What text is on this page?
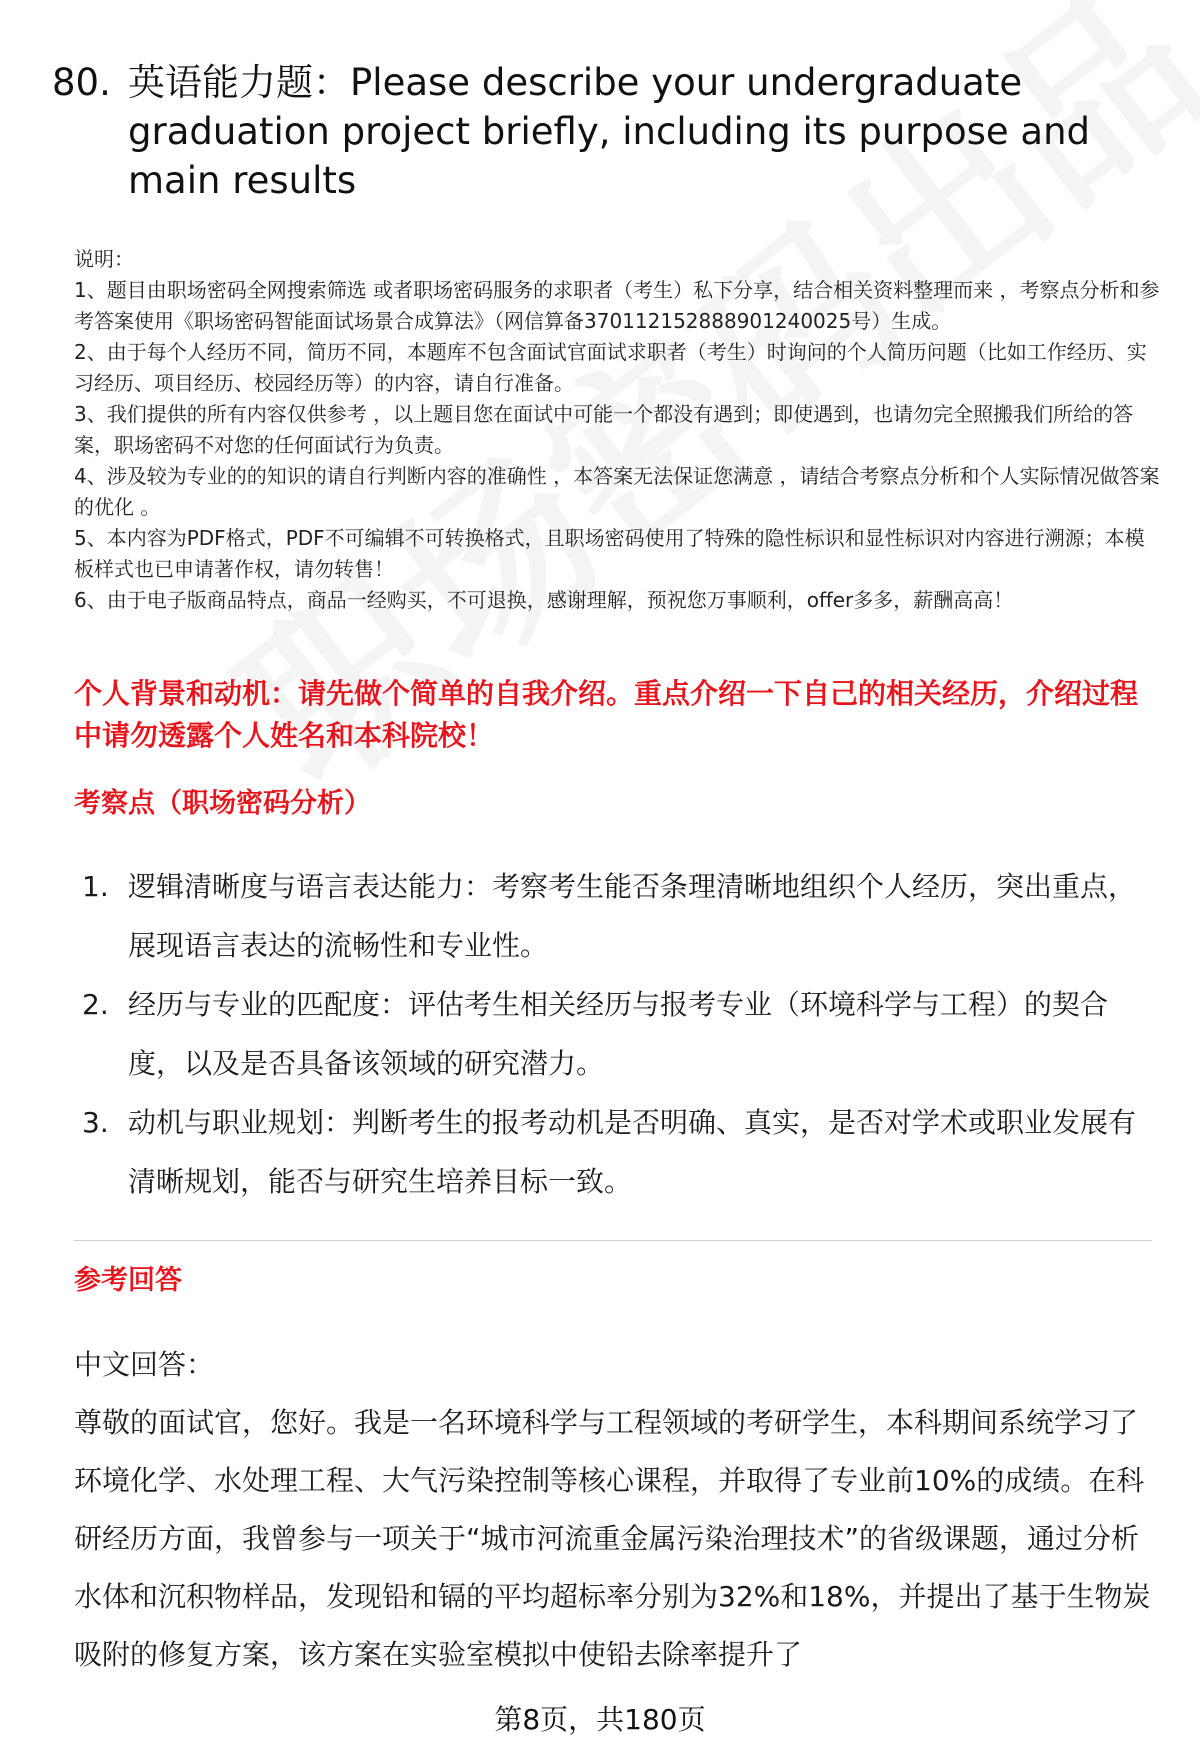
80. 英语能力题：Please describe your undergraduate graduation project briefly, including its purpose and main results

说明：

1、题目由职场密码全网搜索筛选 或者职场密码服务的求职者（考生）私下分享，结合相关资料整理而来 ，考察点分析和参考答案使用《职场密码智能面试场景合成算法》（网信算备370112152888901240025号）生成。

2、由于每个人经历不同，简历不同，本题库不包含面试官面试求职者（考生）时询问的个人简历问题（比如工作经历、实习经历、项目经历、校园经历等）的内容，请自行准备。

3、我们提供的所有内容仅供参考 ，以上题目您在面试中可能一个都没有遇到；即使遇到，也请勿完全照搬我们所给的答案，职场密码不对您的任何面试行为负责。

4、涉及较为专业的的知识的请自行判断内容的准确性 ，本答案无法保证您满意 ，请结合考察点分析和个人实际情况做答案的优化 。

5、本内容为PDF格式，PDF不可编辑不可转换格式，且职场密码使用了特殊的隐性标识和显性标识对内容进行溯源；本模板样式也已申请著作权，请勿转售！

6、由于电子版商品特点，商品一经购买，不可退换，感谢理解，预祝您万事顺利，offer多多，薪酬高高！

个人背景和动机：请先做个简单的自我介绍。重点介绍一下自己的相关经历，介绍过程中请勿透露个人姓名和本科院校！
考察点（职场密码分析）
1. 逻辑清晰度与语言表达能力：考察考生能否条理清晰地组织个人经历，突出重点，展现语言表达的流畅性和专业性。
2. 经历与专业的匹配度：评估考生相关经历与报考专业（环境科学与工程）的契合度，以及是否具备该领域的研究潜力。
3. 动机与职业规划：判断考生的报考动机是否明确、真实，是否对学术或职业发展有清晰规划，能否与研究生培养目标一致。
参考回答

中文回答：

尊敬的面试官，您好。我是一名环境科学与工程领域的考研学生，本科期间系统学习了环境化学、水处理工程、大气污染控制等核心课程，并取得了专业前10%的成绩。在科研经历方面，我曾参与一项关于“城市河流重金属污染治理技术”的省级课题，通过分析水体和沉积物样品，发现铅和镉的平均超标率分别为32%和18%，并提出了基于生物炭吸附的修复方案，该方案在实验室模拟中使铅去除率提升了

第8页，共180页
